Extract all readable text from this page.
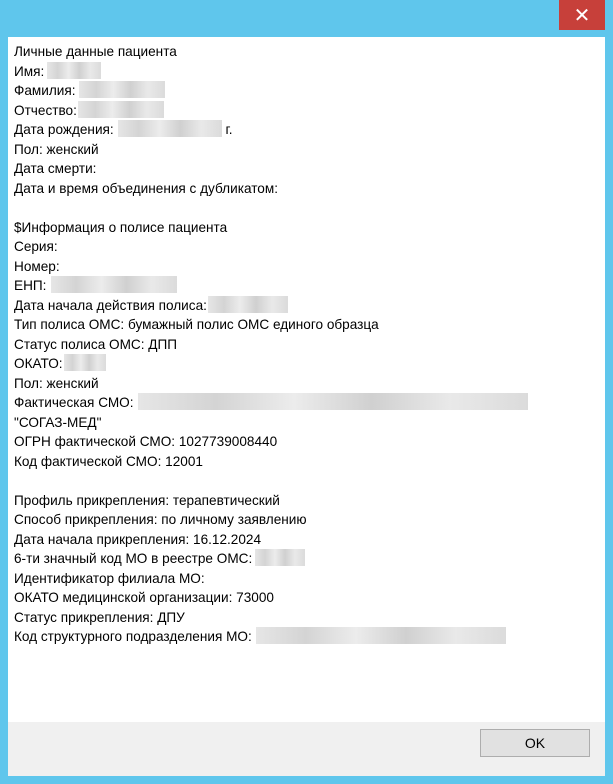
✕
Личные данные пациента
Имя:
Фамилия:
Отчество:
Дата рождения:	г.
Пол: женский
Дата смерти:
Дата и время объединения с дубликатом:
$Информация о полисе пациента
Серия:
Номер:
ЕНП:
Дата начала действия полиса:
Тип полиса ОМС: бумажный полис ОМС единого образца
Статус полиса ОМС: ДПП
ОКАТО:
Пол: женский
Фактическая СМО:
"СОГАЗ-МЕД"
ОГРН фактической СМО: 1027739008440
Код фактической СМО: 12001
Профиль прикрепления: терапевтический
Способ прикрепления: по личному заявлению
Дата начала прикрепления: 16.12.2024
6-ти значный код МО в реестре ОМС:
Идентификатор филиала МО:
ОКАТО медицинской организации: 73000
Статус прикрепления: ДПУ
Код структурного подразделения МО:
OK
